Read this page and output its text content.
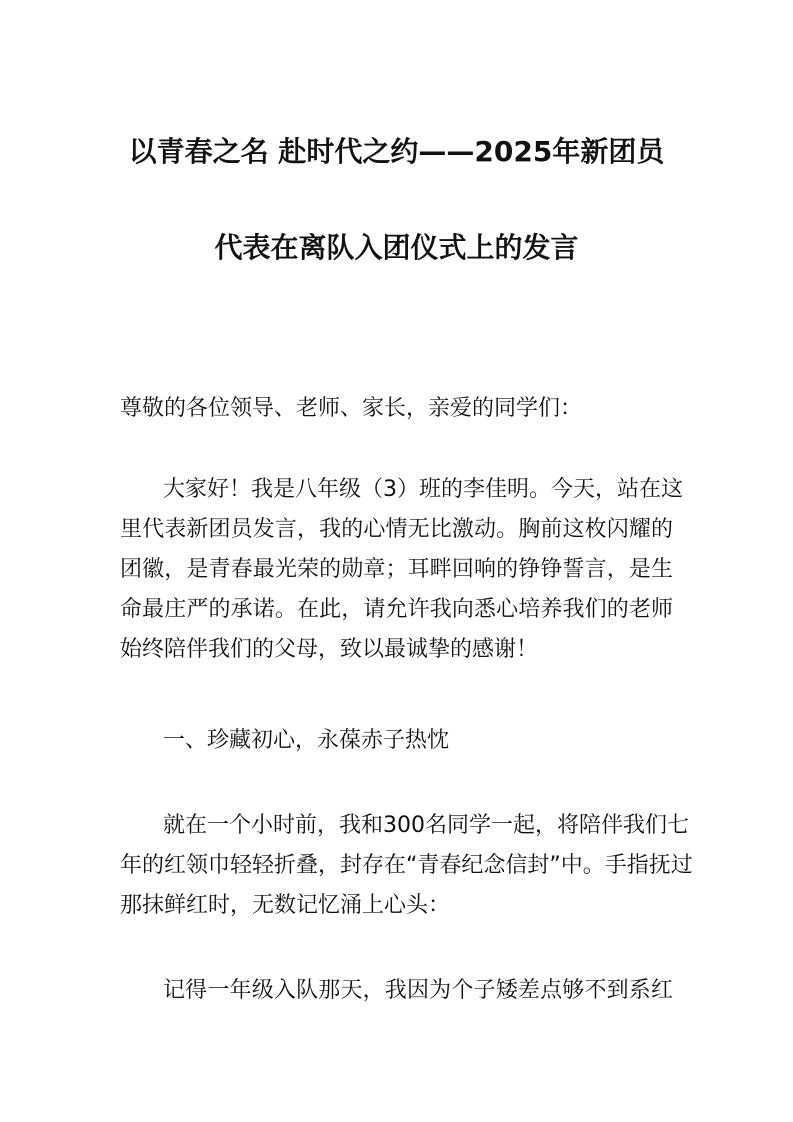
以青春之名 赴时代之约——2025年新团员
代表在离队入团仪式上的发言
尊敬的各位领导、老师、家长，亲爱的同学们：
大家好！我是八年级（3）班的李佳明。今天，站在这
里代表新团员发言，我的心情无比激动。胸前这枚闪耀的
团徽，是青春最光荣的勋章；耳畔回响的铮铮誓言，是生
命最庄严的承诺。在此，请允许我向悉心培养我们的老师
始终陪伴我们的父母，致以最诚挚的感谢！
一、珍藏初心，永葆赤子热忱
就在一个小时前，我和300名同学一起，将陪伴我们七
年的红领巾轻轻折叠，封存在“青春纪念信封”中。手指抚过
那抹鲜红时，无数记忆涌上心头：
记得一年级入队那天，我因为个子矮差点够不到系红
